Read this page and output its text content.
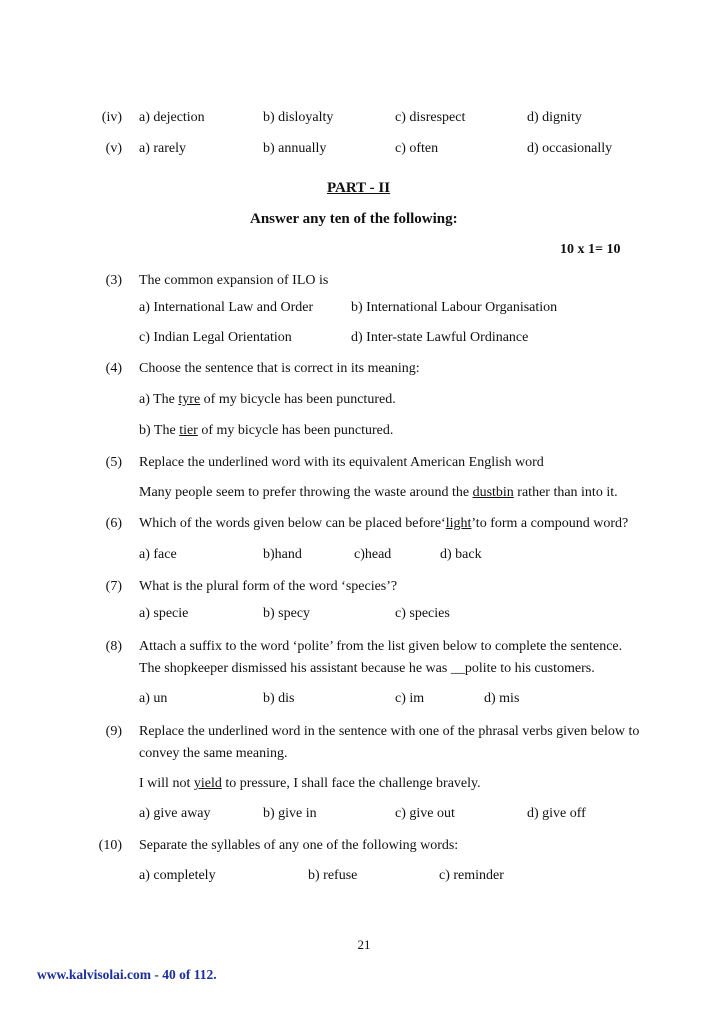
(iv) a) dejection	b) disloyalty	c) disrespect	d) dignity
(v) a) rarely	b) annually	c) often	d) occasionally
PART - II
Answer any ten of the following:
10 x 1= 10
(3) The common expansion of ILO is
a) International Law and Order	b) International Labour Organisation
c) Indian Legal Orientation	d) Inter-state Lawful Ordinance
(4) Choose the sentence that is correct in its meaning:
a) The tyre of my bicycle has been punctured.
b) The tier of my bicycle has been punctured.
(5) Replace the underlined word with its equivalent American English word
Many people seem to prefer throwing the waste around the dustbin rather than into it.
(6) Which of the words given below can be placed before‘light’to form a compound word?
a) face	b)hand	c)head	d) back
(7) What is the plural form of the word ‘species’?
a) specie	b) specy	c) species
(8) Attach a suffix to the word ‘polite’ from the list given below to complete the sentence.
The shopkeeper dismissed his assistant because he was __polite to his customers.
a) un	b) dis	c) im	d) mis
(9) Replace the underlined word in the sentence with one of the phrasal verbs given below to
convey the same meaning.
I will not yield to pressure, I shall face the challenge bravely.
a) give away	b) give in	c) give out	d) give off
(10) Separate the syllables of any one of the following words:
a) completely	b) refuse	c) reminder
21
www.kalvisolai.com - 40 of 112.
